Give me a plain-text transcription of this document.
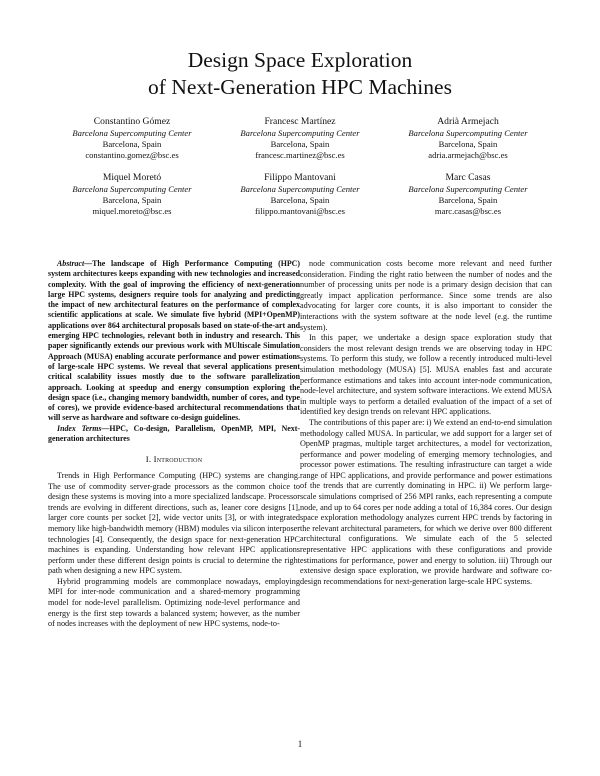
Design Space Exploration
of Next-Generation HPC Machines
Constantino Gómez
Barcelona Supercomputing Center
Barcelona, Spain
constantino.gomez@bsc.es
Francesc Martínez
Barcelona Supercomputing Center
Barcelona, Spain
francesc.martinez@bsc.es
Adrià Armejach
Barcelona Supercomputing Center
Barcelona, Spain
adria.armejach@bsc.es
Miquel Moretó
Barcelona Supercomputing Center
Barcelona, Spain
miquel.moreto@bsc.es
Filippo Mantovani
Barcelona Supercomputing Center
Barcelona, Spain
filippo.mantovani@bsc.es
Marc Casas
Barcelona Supercomputing Center
Barcelona, Spain
marc.casas@bsc.es

Abstract—The landscape of High Performance Computing (HPC) system architectures keeps expanding with new technologies and increased complexity. With the goal of improving the efficiency of next-generation large HPC systems, designers require tools for analyzing and predicting the impact of new architectural features on the performance of complex scientific applications at scale. We simulate five hybrid (MPI+OpenMP) applications over 864 architectural proposals based on state-of-the-art and emerging HPC technologies, relevant both in industry and research. This paper significantly extends our previous work with MUltiscale Simulation Approach (MUSA) enabling accurate performance and power estimations of large-scale HPC systems. We reveal that several applications present critical scalability issues mostly due to the software parallelization approach. Looking at speedup and energy consumption exploring the design space (i.e., changing memory bandwidth, number of cores, and type of cores), we provide evidence-based architectural recommendations that will serve as hardware and software co-design guidelines.

Index Terms—HPC, Co-design, Parallelism, OpenMP, MPI, Next-generation architectures

I. Introduction

Trends in High Performance Computing (HPC) systems are changing. The use of commodity server-grade processors as the common choice to design these systems is moving into a more specialized landscape. Processor trends are evolving in different directions, such as, leaner core designs [1], larger core counts per socket [2], wide vector units [3], or with integrated memory like high-bandwidth memory (HBM) modules via silicon interposer technologies [4]. Consequently, the design space for next-generation HPC machines is expanding. Understanding how relevant HPC applications perform under these different design points is crucial to determine the right path when designing a new HPC system.

Hybrid programming models are commonplace nowadays, employing MPI for inter-node communication and a shared-memory programming model for node-level parallelism. Optimizing node-level performance and energy is the first step towards a balanced system; however, as the number of nodes increases with the deployment of new HPC systems, node-to-

node communication costs become more relevant and need further consideration. Finding the right ratio between the number of nodes and the number of processing units per node is a primary design decision that can greatly impact application performance. Since some trends are also advocating for larger core counts, it is also important to consider the interactions with the system software at the node level (e.g. the runtime system).

In this paper, we undertake a design space exploration study that considers the most relevant design trends we are observing today in HPC systems. To perform this study, we follow a recently introduced multi-level simulation methodology (MUSA) [5]. MUSA enables fast and accurate performance estimations and takes into account inter-node communication, node-level architecture, and system software interactions. We extend MUSA in multiple ways to perform a detailed evaluation of the impact of a set of identified key design trends on relevant HPC applications.

The contributions of this paper are: i) We extend an end-to-end simulation methodology called MUSA. In particular, we add support for a larger set of OpenMP pragmas, multiple target architectures, a model for vectorization, performance and power modeling of emerging memory technologies, and processor power estimations. The resulting infrastructure can target a wide range of HPC applications, and provide performance and power estimations of the trends that are currently dominating in HPC. ii) We perform large-scale simulations comprised of 256 MPI ranks, each representing a compute node, and up to 64 cores per node adding a total of 16,384 cores. Our design space exploration methodology analyzes current HPC trends by factoring in the relevant architectural parameters, for which we derive over 800 different architectural configurations. We simulate each of the 5 selected representative HPC applications with these configurations and provide estimations for performance, power and energy to solution. iii) Through our extensive design space exploration, we provide hardware and software co-design recommendations for next-generation large-scale HPC systems.

1
